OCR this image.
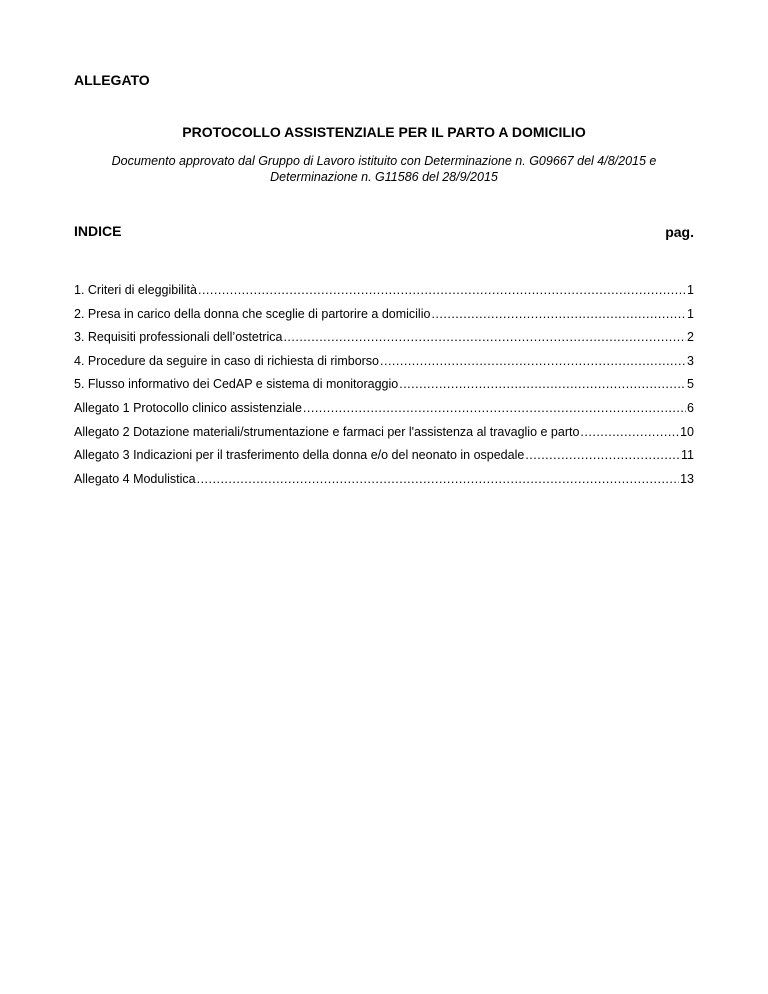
ALLEGATO
PROTOCOLLO ASSISTENZIALE PER IL PARTO A DOMICILIO
Documento approvato dal Gruppo di Lavoro istituito con Determinazione n. G09667 del 4/8/2015 e
Determinazione n. G11586 del 28/9/2015
INDICE	pag.
1. Criteri di eleggibilità .....	1
2. Presa in carico della donna che sceglie di partorire a domicilio .....	1
3. Requisiti professionali dell’ostetrica .....	2
4. Procedure da seguire in caso di richiesta di rimborso .....	3
5. Flusso informativo dei CedAP e sistema di monitoraggio .....	5
Allegato 1 Protocollo clinico assistenziale .....	6
Allegato 2 Dotazione materiali/strumentazione e farmaci per l'assistenza al travaglio e parto .....	10
Allegato 3 Indicazioni per il trasferimento della donna e/o del neonato in ospedale .....	11
Allegato 4 Modulistica .....	13
